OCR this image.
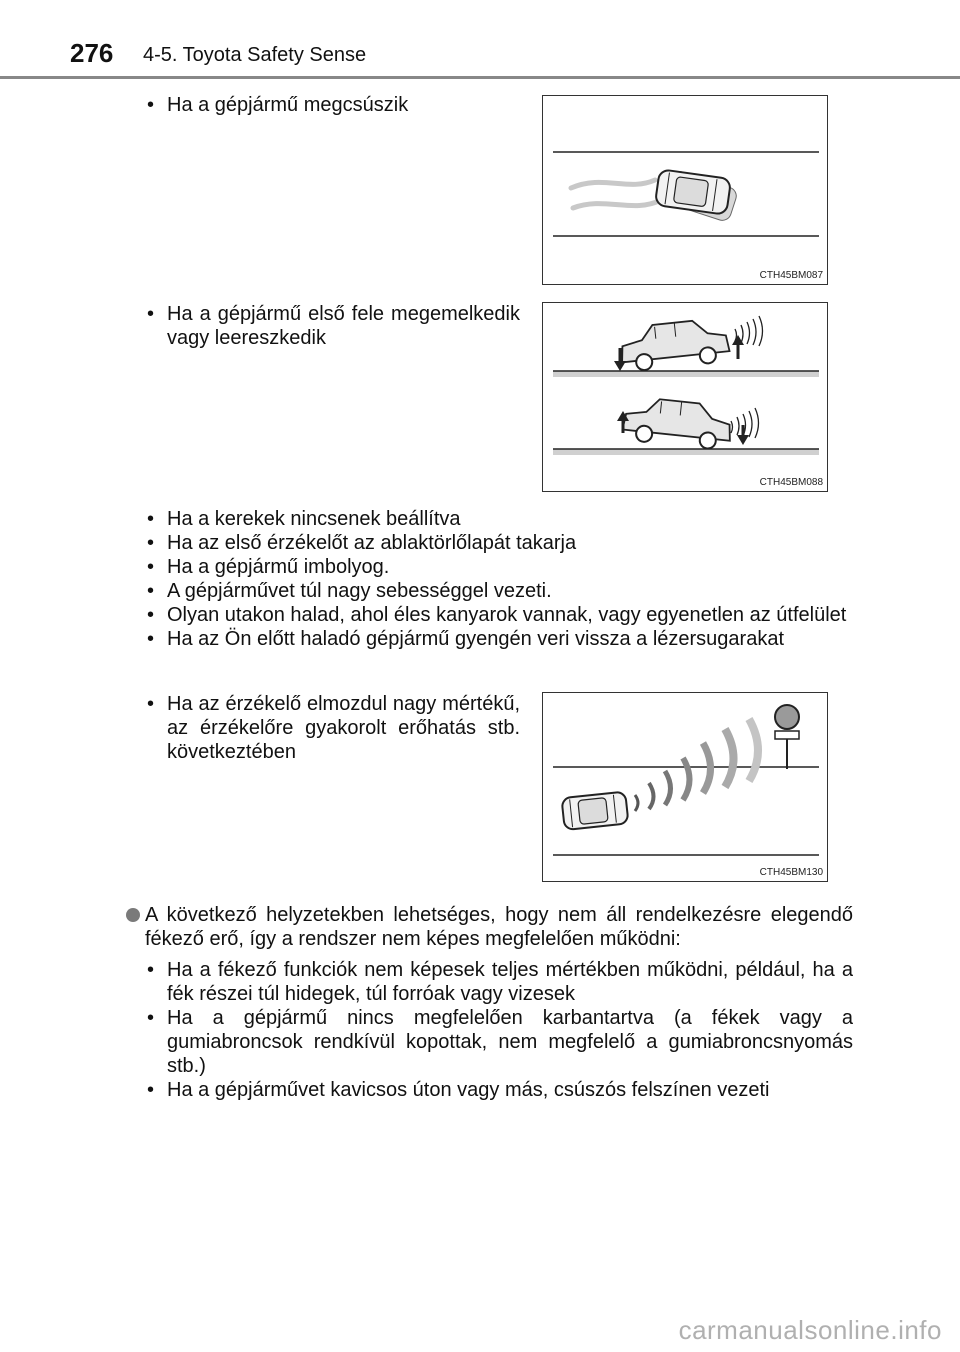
276 4-5. Toyota Safety Sense
• Ha a gépjármű megcsúszik
CTH45BM087
• Ha a gépjármű első fele megemelkedik vagy leereszkedik
CTH45BM088
• Ha a kerekek nincsenek beállítva
• Ha az első érzékelőt az ablaktörlőlapát takarja
• Ha a gépjármű imbolyog.
• A gépjárművet túl nagy sebességgel vezeti.
• Olyan utakon halad, ahol éles kanyarok vannak, vagy egyenetlen az útfelület
• Ha az Ön előtt haladó gépjármű gyengén veri vissza a lézersugarakat
• Ha az érzékelő elmozdul nagy mértékű, az érzékelőre gyakorolt erőhatás stb. következtében
CTH45BM130
A következő helyzetekben lehetséges, hogy nem áll rendelkezésre elegendő fékező erő, így a rendszer nem képes megfelelően működni:
• Ha a fékező funkciók nem képesek teljes mértékben működni, például, ha a fék részei túl hidegek, túl forróak vagy vizesek
• Ha a gépjármű nincs megfelelően karbantartva (a fékek vagy a gumiabroncsok rendkívül kopottak, nem megfelelő a gumiabroncsnyomás stb.)
• Ha a gépjárművet kavicsos úton vagy más, csúszós felszínen vezeti
carmanualsonline.info
